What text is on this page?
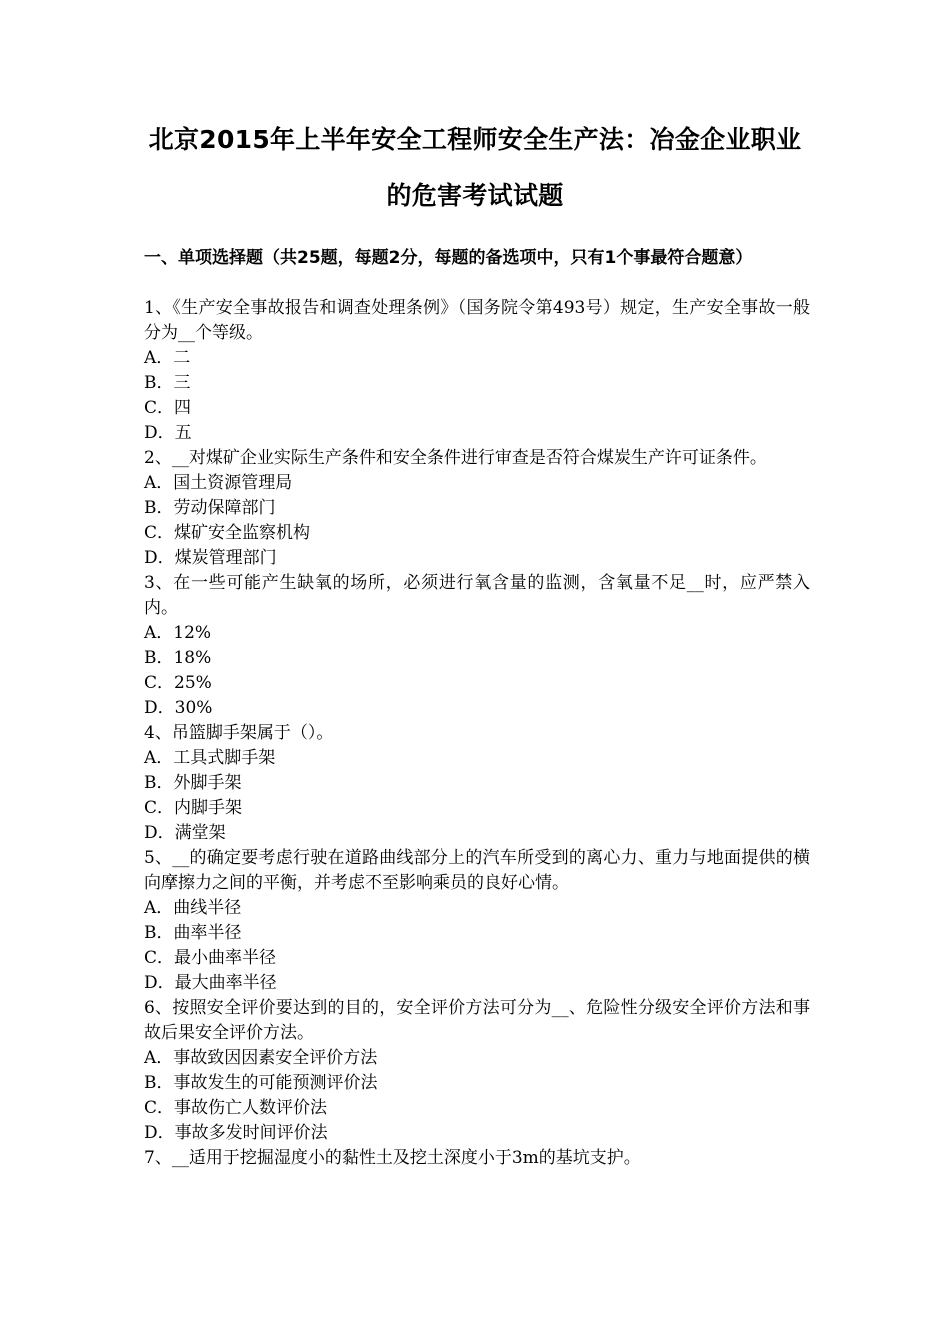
北京2015年上半年安全工程师安全生产法：冶金企业职业
的危害考试试题
一、单项选择题（共25题，每题2分，每题的备选项中，只有1个事最符合题意）

1、《生产安全事故报告和调查处理条例》（国务院令第493号）规定，生产安全事故一般分为__个等级。

A．二

B．三

C．四

D．五

2、__对煤矿企业实际生产条件和安全条件进行审查是否符合煤炭生产许可证条件。

A．国土资源管理局

B．劳动保障部门

C．煤矿安全监察机构

D．煤炭管理部门

3、在一些可能产生缺氧的场所，必须进行氧含量的监测，含氧量不足__时，应严禁入内。

A．12%

B．18%

C．25%

D．30%

4、吊篮脚手架属于（）。

A．工具式脚手架

B．外脚手架

C．内脚手架

D．满堂架

5、__的确定要考虑行驶在道路曲线部分上的汽车所受到的离心力、重力与地面提供的横向摩擦力之间的平衡，并考虑不至影响乘员的良好心情。

A．曲线半径

B．曲率半径

C．最小曲率半径

D．最大曲率半径

6、按照安全评价要达到的目的，安全评价方法可分为__、危险性分级安全评价方法和事故后果安全评价方法。

A．事故致因因素安全评价方法

B．事故发生的可能预测评价法

C．事故伤亡人数评价法

D．事故多发时间评价法

7、__适用于挖掘湿度小的黏性土及挖土深度小于3m的基坑支护。
